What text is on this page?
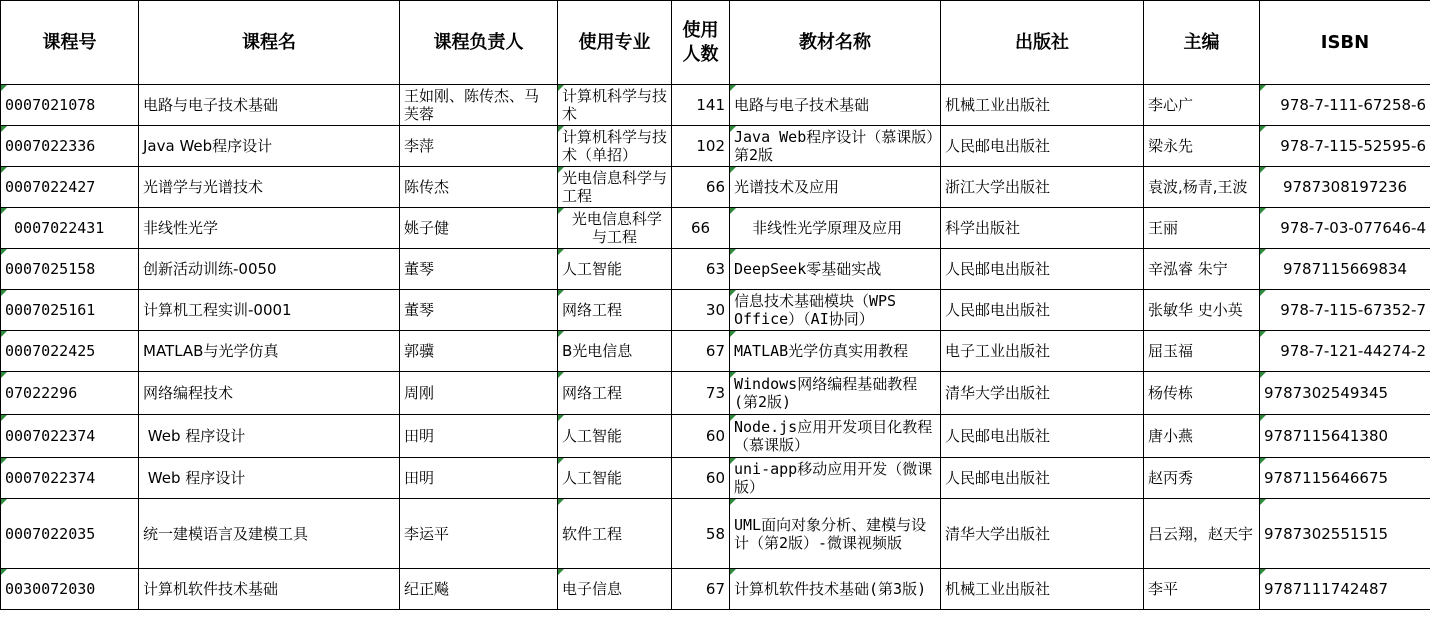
课程号	课程名	课程负责人	使用专业	使用人数	教材名称	出版社	主编	ISBN

0007021078	电路与电子技术基础	王如刚、陈传杰、马芙蓉	计算机科学与技术	141	电路与电子技术基础	机械工业出版社	李心广	978-7-111-67258-6

0007022336	Java Web程序设计	李萍	计算机科学与技术（单招）	102	Java Web程序设计（慕课版）第2版	人民邮电出版社	梁永先	978-7-115-52595-6

0007022427	光谱学与光谱技术	陈传杰	光电信息科学与工程	66	光谱技术及应用	浙江大学出版社	袁波,杨青,王波	9787308197236

0007022431	非线性光学	姚子健	光电信息科学与工程	66	非线性光学原理及应用	科学出版社	王丽	978-7-03-077646-4

0007025158	创新活动训练-0050	董琴	人工智能	63	DeepSeek零基础实战	人民邮电出版社	辛泓睿 朱宁	9787115669834

0007025161	计算机工程实训-0001	董琴	网络工程	30	信息技术基础模块（WPS Office）（AI协同）	人民邮电出版社	张敏华 史小英	978-7-115-67352-7

0007022425	MATLAB与光学仿真	郭骥	B光电信息	67	MATLAB光学仿真实用教程	电子工业出版社	屈玉福	978-7-121-44274-2

07022296	网络编程技术	周刚	网络工程	73	Windows网络编程基础教程(第2版)	清华大学出版社	杨传栋	9787302549345

0007022374	Web 程序设计	田明	人工智能	60	Node.js应用开发项目化教程（慕课版）	人民邮电出版社	唐小燕	9787115641380

0007022374	Web 程序设计	田明	人工智能	60	uni-app移动应用开发（微课版）	人民邮电出版社	赵丙秀	9787115646675

0007022035	统一建模语言及建模工具	李运平	软件工程	58	UML面向对象分析、建模与设计（第2版）-微课视频版	清华大学出版社	吕云翔，赵天宇	9787302551515

0030072030	计算机软件技术基础	纪正飚	电子信息	67	计算机软件技术基础(第3版)	机械工业出版社	李平	9787111742487
